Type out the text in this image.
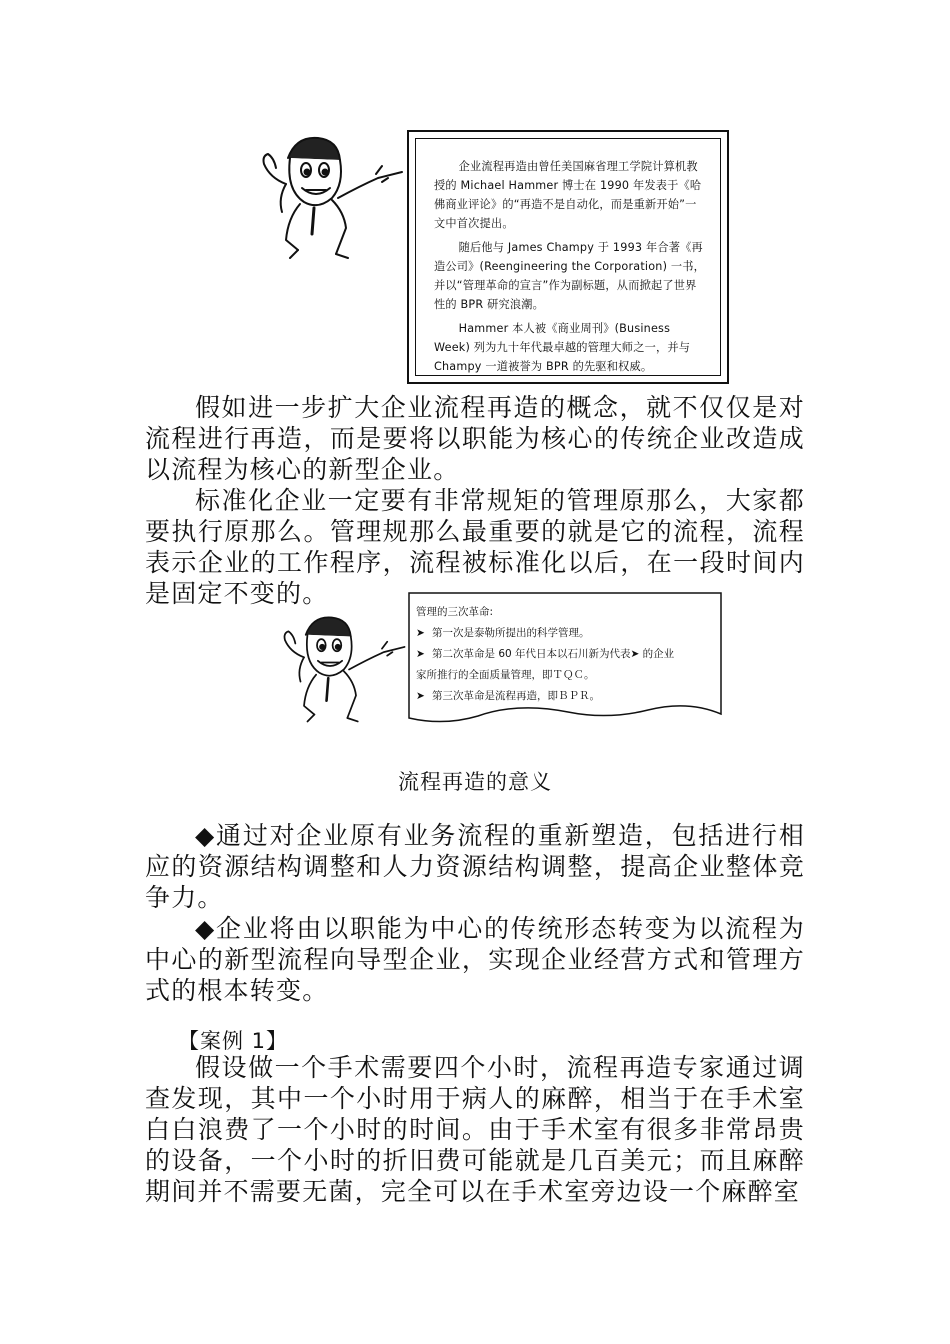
企业流程再造由曾任美国麻省理工学院计算机教授的 Michael Hammer 博士在 1990 年发表于《哈佛商业评论》的“再造不是自动化，而是重新开始”一文中首次提出。

随后他与 James Champy 于 1993 年合著《再造公司》(Reengineering the Corporation) 一书，并以“管理革命的宣言”作为副标题，从而掀起了世界性的 BPR 研究浪潮。

Hammer 本人被《商业周刊》(Business Week) 列为九十年代最卓越的管理大师之一，并与 Champy 一道被誉为 BPR 的先驱和权威。

假如进一步扩大企业流程再造的概念，就不仅仅是对流程进行再造，而是要将以职能为核心的传统企业改造成以流程为核心的新型企业。

标准化企业一定要有非常规矩的管理原那么，大家都要执行原那么。管理规那么最重要的就是它的流程，流程表示企业的工作程序，流程被标准化以后，在一段时间内是固定不变的。

管理的三次革命:
➤ 第一次是泰勒所提出的科学管理。
➤ 第二次革命是 60 年代日本以石川新为代表➤ 的企业
家所推行的全面质量管理，即ＴＱＣ。
➤ 第三次革命是流程再造，即ＢＰＲ。
流程再造的意义

◆通过对企业原有业务流程的重新塑造，包括进行相应的资源结构调整和人力资源结构调整，提高企业整体竞争力。

◆企业将由以职能为中心的传统形态转变为以流程为中心的新型流程向导型企业，实现企业经营方式和管理方式的根本转变。

【案例 1】

假设做一个手术需要四个小时，流程再造专家通过调查发现，其中一个小时用于病人的麻醉，相当于在手术室白白浪费了一个小时的时间。由于手术室有很多非常昂贵的设备，一个小时的折旧费可能就是几百美元；而且麻醉期间并不需要无菌，完全可以在手术室旁边设一个麻醉室
